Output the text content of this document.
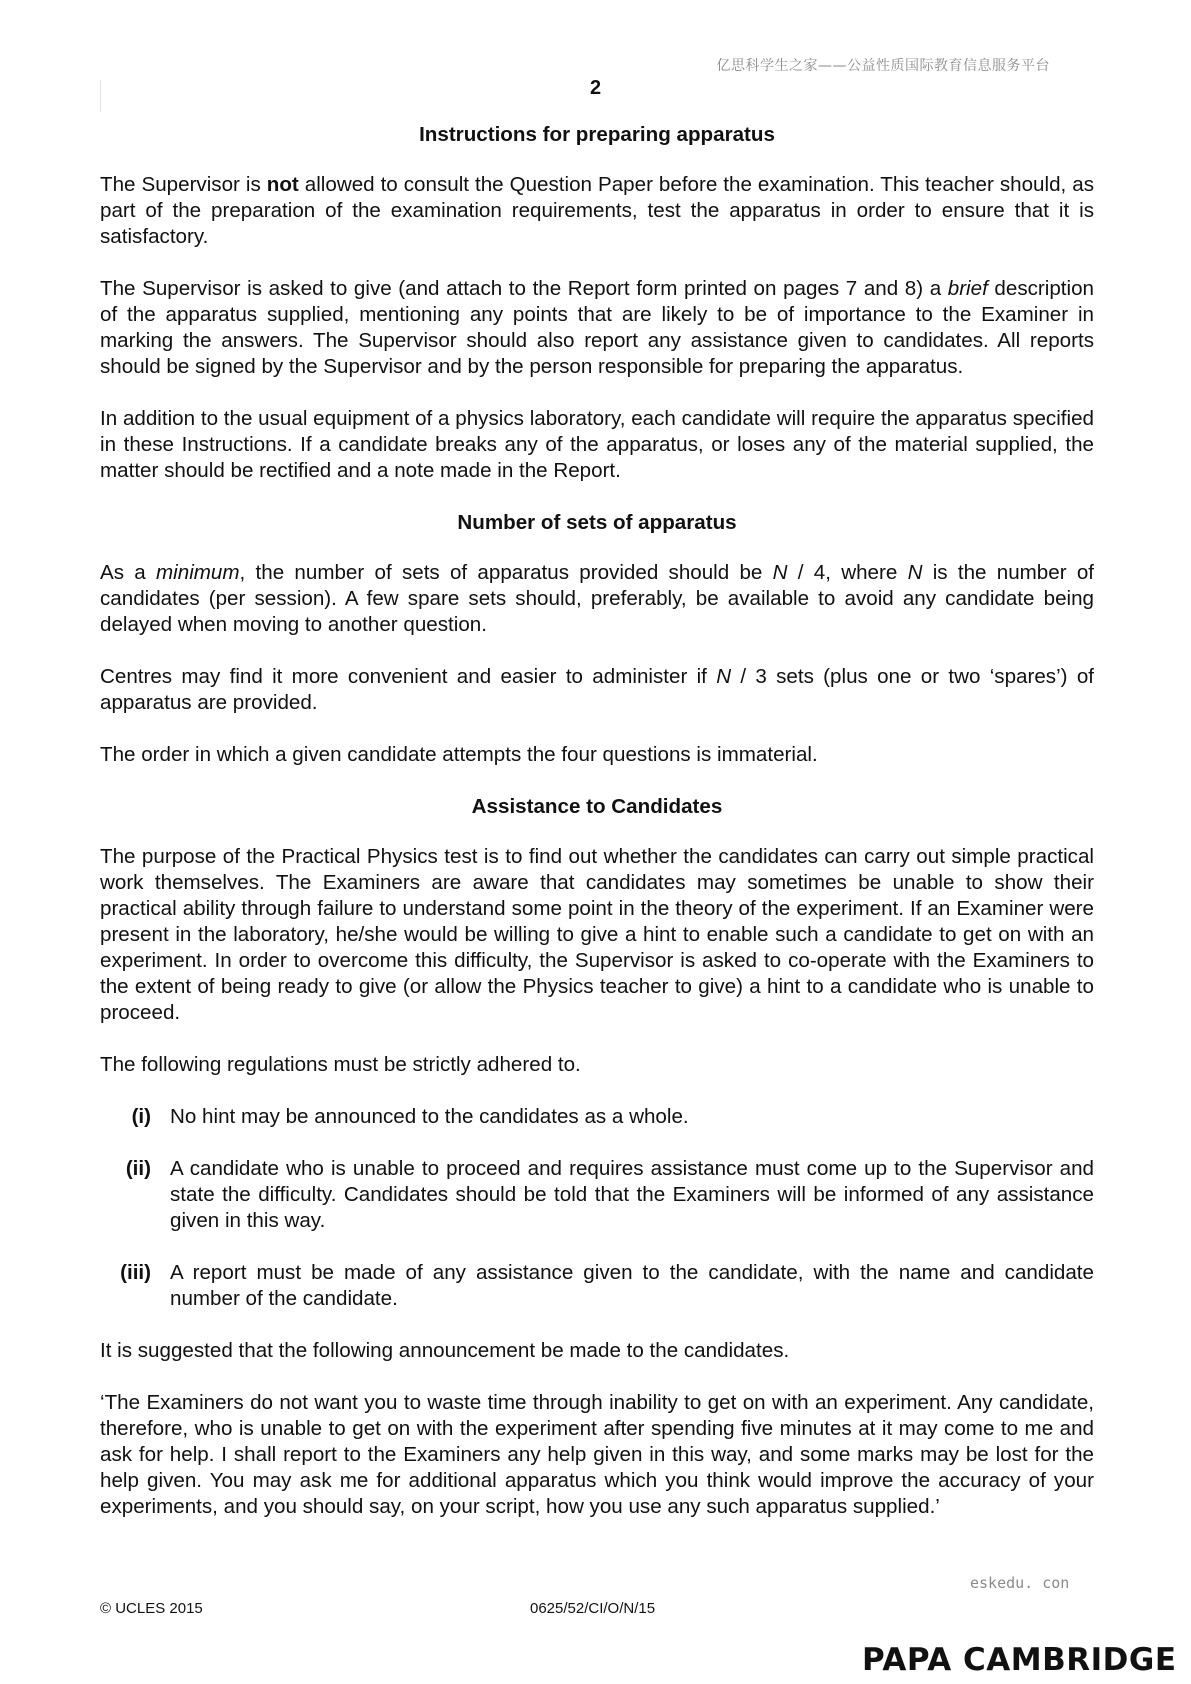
亿思科学生之家——公益性质国际教育信息服务平台
2
Instructions for preparing apparatus

The Supervisor is not allowed to consult the Question Paper before the examination. This teacher should, as part of the preparation of the examination requirements, test the apparatus in order to ensure that it is satisfactory.

The Supervisor is asked to give (and attach to the Report form printed on pages 7 and 8) a brief description of the apparatus supplied, mentioning any points that are likely to be of importance to the Examiner in marking the answers. The Supervisor should also report any assistance given to candidates. All reports should be signed by the Supervisor and by the person responsible for preparing the apparatus.

In addition to the usual equipment of a physics laboratory, each candidate will require the apparatus specified in these Instructions. If a candidate breaks any of the apparatus, or loses any of the material supplied, the matter should be rectified and a note made in the Report.

Number of sets of apparatus

As a minimum, the number of sets of apparatus provided should be N / 4, where N is the number of candidates (per session). A few spare sets should, preferably, be available to avoid any candidate being delayed when moving to another question.

Centres may find it more convenient and easier to administer if N / 3 sets (plus one or two ‘spares’) of apparatus are provided.

The order in which a given candidate attempts the four questions is immaterial.

Assistance to Candidates

The purpose of the Practical Physics test is to find out whether the candidates can carry out simple practical work themselves. The Examiners are aware that candidates may sometimes be unable to show their practical ability through failure to understand some point in the theory of the experiment. If an Examiner were present in the laboratory, he/she would be willing to give a hint to enable such a candidate to get on with an experiment. In order to overcome this difficulty, the Supervisor is asked to co-operate with the Examiners to the extent of being ready to give (or allow the Physics teacher to give) a hint to a candidate who is unable to proceed.

The following regulations must be strictly adhered to.

(i) No hint may be announced to the candidates as a whole.
(ii) A candidate who is unable to proceed and requires assistance must come up to the Supervisor and state the difficulty. Candidates should be told that the Examiners will be informed of any assistance given in this way.
(iii) A report must be made of any assistance given to the candidate, with the name and candidate number of the candidate.

It is suggested that the following announcement be made to the candidates.

‘The Examiners do not want you to waste time through inability to get on with an experiment. Any candidate, therefore, who is unable to get on with the experiment after spending five minutes at it may come to me and ask for help. I shall report to the Examiners any help given in this way, and some marks may be lost for the help given. You may ask me for additional apparatus which you think would improve the accuracy of your experiments, and you should say, on your script, how you use any such apparatus supplied.’

eskedu. con
© UCLES 2015	0625/52/CI/O/N/15
PAPA CAMBRIDGE
